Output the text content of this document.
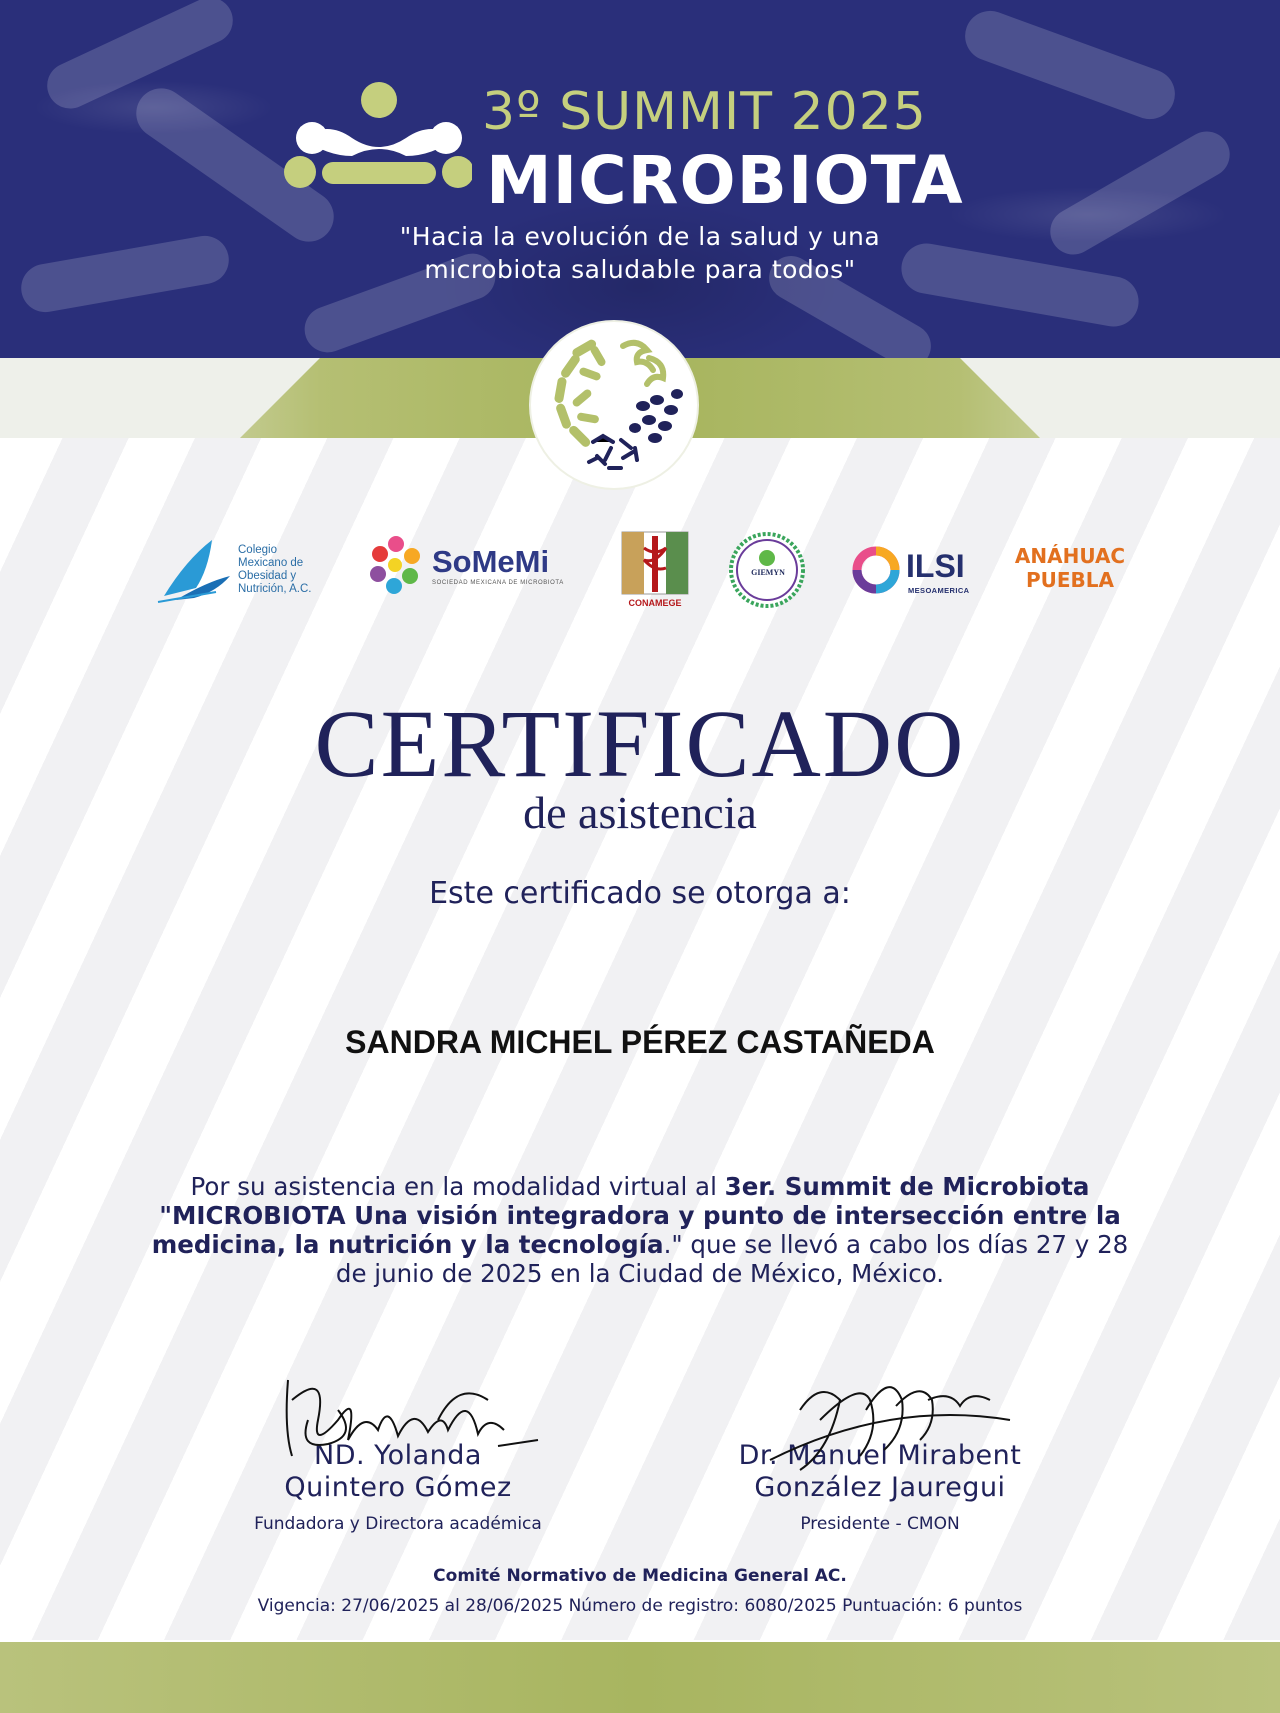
3º SUMMIT 2025
MICROBIOTA
"Hacia la evolución de la salud y una
microbiota saludable para todos"
Colegio
Mexicano de
Obesidad y
Nutrición, A.C.
SoMeMi
SOCIEDAD MEXICANA DE MICROBIOTA
CONAMEGE
GIEMYN	ILSI
MESOAMERICA
ANÁHUAC
PUEBLA
CERTIFICADO
de asistencia
Este certificado se otorga a:
SANDRA MICHEL PÉREZ CASTAÑEDA
Por su asistencia en la modalidad virtual al 3er. Summit de Microbiota "MICROBIOTA Una visión integradora y punto de intersección entre la medicina, la nutrición y la tecnología." que se llevó a cabo los días 27 y 28 de junio de 2025 en la Ciudad de México, México.
ND. Yolanda
Quintero Gómez
Fundadora y Directora académica
Dr. Manuel Mirabent
González Jauregui
Presidente - CMON
Comité Normativo de Medicina General AC.
Vigencia: 27/06/2025 al 28/06/2025 Número de registro: 6080/2025 Puntuación: 6 puntos
